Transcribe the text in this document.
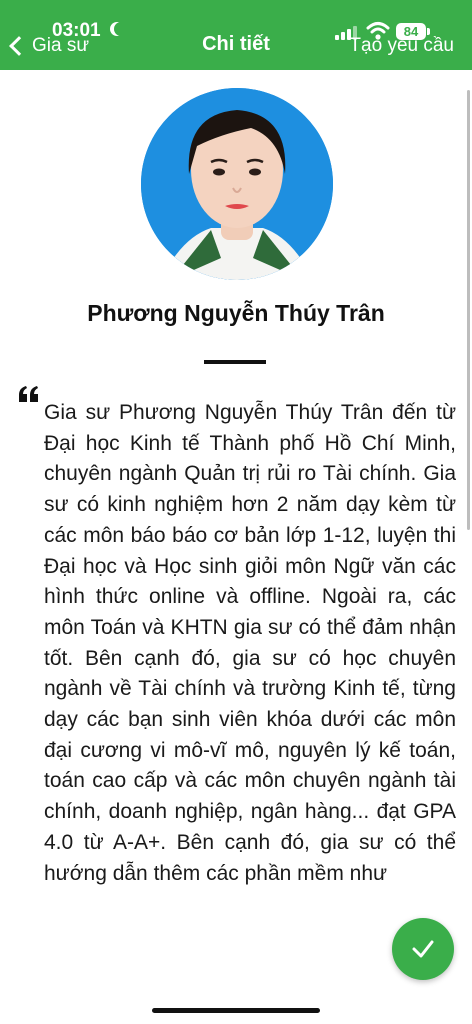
03:01	84
Gia sư	Chi tiết	Tạo yêu cầu
Phương Nguyễn Thúy Trân
Gia sư Phương Nguyễn Thúy Trân đến từ Đại học Kinh tế Thành phố Hồ Chí Minh, chuyên ngành Quản trị rủi ro Tài chính. Gia sư có kinh nghiệm hơn 2 năm dạy kèm từ các môn báo báo cơ bản lớp 1-12, luyện thi Đại học và Học sinh giỏi môn Ngữ văn các hình thức online và offline. Ngoài ra, các môn Toán và KHTN gia sư có thể đảm nhận tốt. Bên cạnh đó, gia sư có học chuyên ngành về Tài chính và trường Kinh tế, từng dạy các bạn sinh viên khóa dưới các môn đại cương vi mô-vĩ mô, nguyên lý kế toán, toán cao cấp và các môn chuyên ngành tài chính, doanh nghiệp, ngân hàng... đạt GPA 4.0 từ A-A+. Bên cạnh đó, gia sư có thể hướng dẫn thêm các phần mềm như
